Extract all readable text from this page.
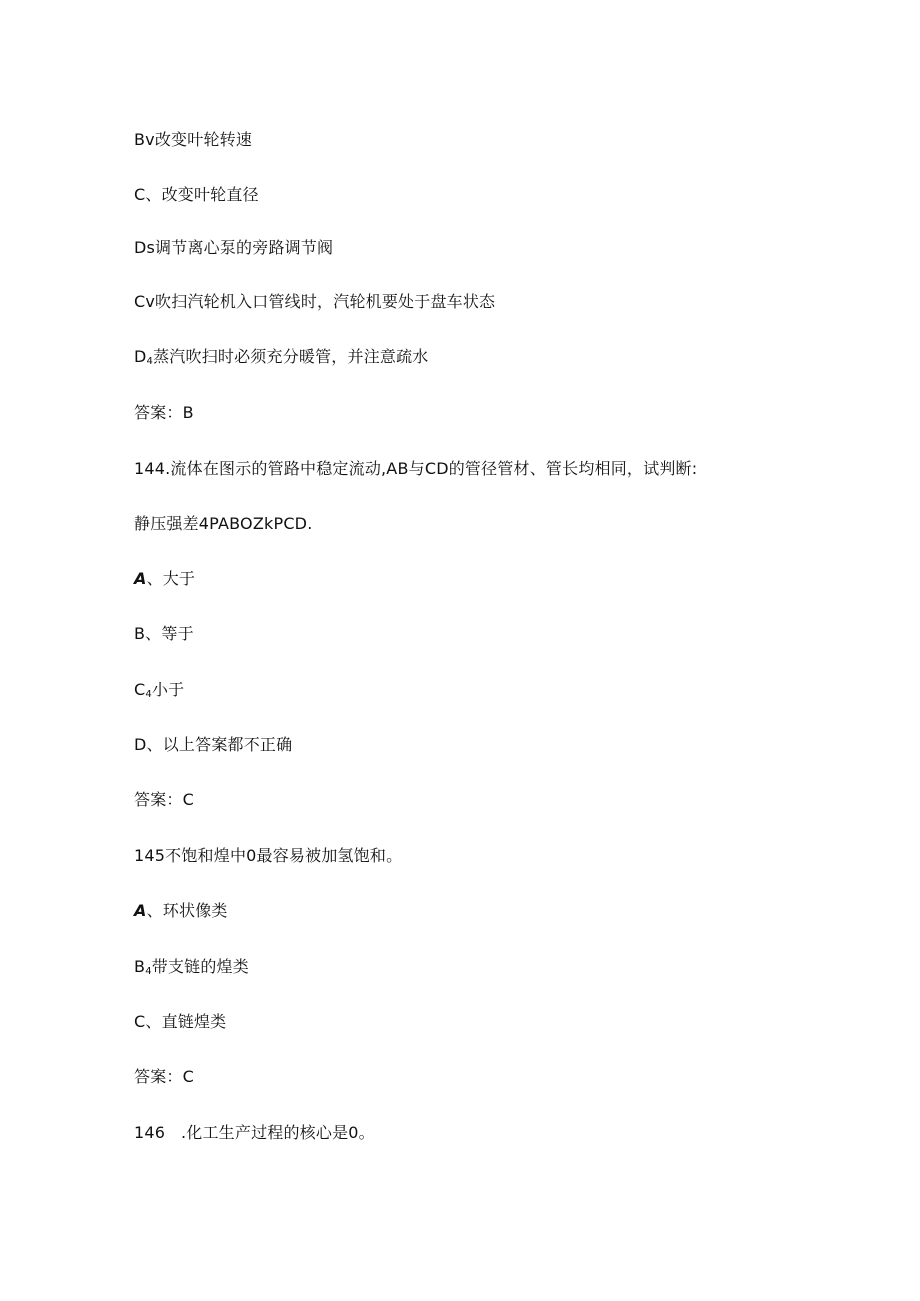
Bv改变叶轮转速
C、改变叶轮直径
Ds调节离心泵的旁路调节阀
Cv吹扫汽轮机入口管线时，汽轮机要处于盘车状态
$D_4$蒸汽吹扫时必须充分暖管，并注意疏水
答案：B
144.流体在图示的管路中稳定流动,AB与CD的管径管材、管长均相同，试判断:
静压强差4PABOZkPCD.
A、大于
B、等于
$C_4$小于
D、以上答案都不正确
答案：C
145不饱和煌中0最容易被加氢饱和。
A、环状像类
$B_4$带支链的煌类
C、直链煌类
答案：C
146   .化工生产过程的核心是0。
